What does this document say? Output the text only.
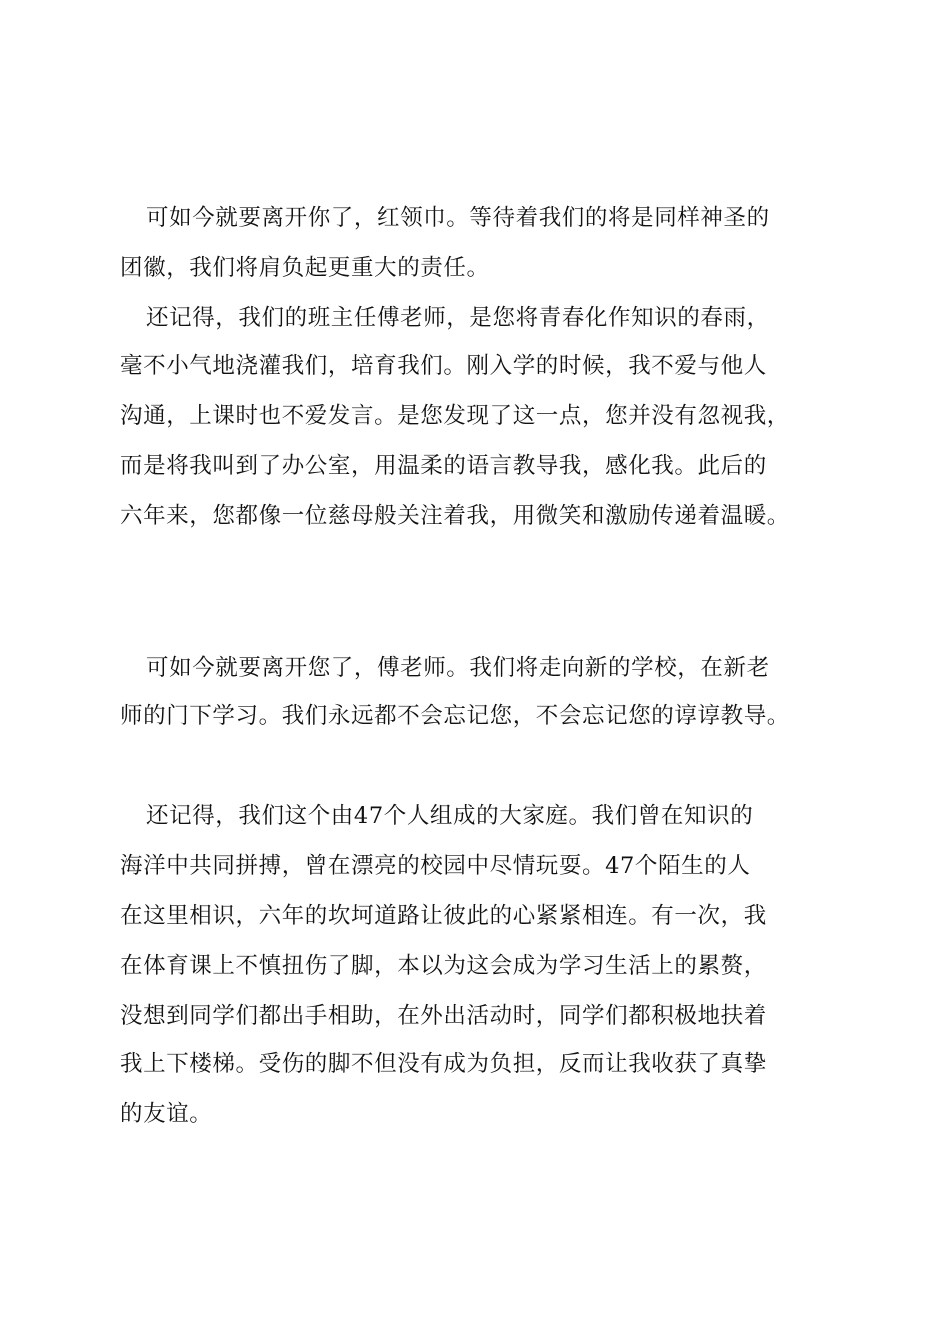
可如今就要离开你了，红领巾。等待着我们的将是同样神圣的
团徽，我们将肩负起更重大的责任。
还记得，我们的班主任傅老师，是您将青春化作知识的春雨，
毫不小气地浇灌我们，培育我们。刚入学的时候，我不爱与他人
沟通，上课时也不爱发言。是您发现了这一点，您并没有忽视我，
而是将我叫到了办公室，用温柔的语言教导我，感化我。此后的
六年来，您都像一位慈母般关注着我，用微笑和激励传递着温暖。
可如今就要离开您了，傅老师。我们将走向新的学校，在新老
师的门下学习。我们永远都不会忘记您，不会忘记您的谆谆教导。
还记得，我们这个由47个人组成的大家庭。我们曾在知识的
海洋中共同拼搏，曾在漂亮的校园中尽情玩耍。47个陌生的人
在这里相识，六年的坎坷道路让彼此的心紧紧相连。有一次，我
在体育课上不慎扭伤了脚，本以为这会成为学习生活上的累赘，
没想到同学们都出手相助，在外出活动时，同学们都积极地扶着
我上下楼梯。受伤的脚不但没有成为负担，反而让我收获了真挚
的友谊。
